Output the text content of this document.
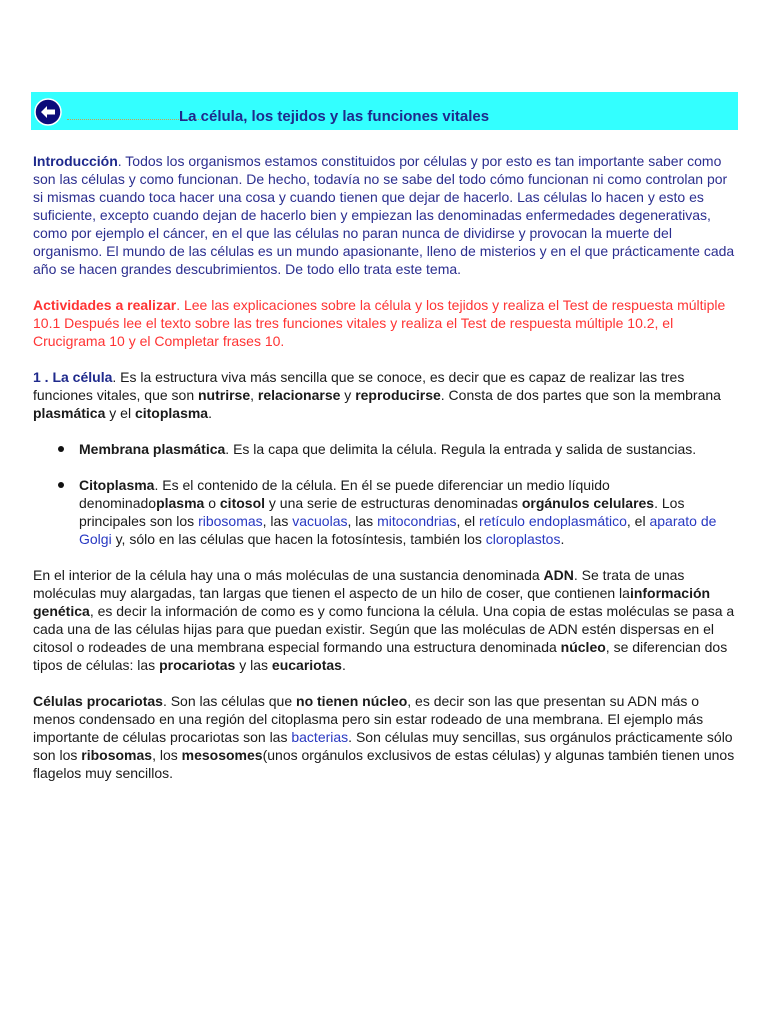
La célula, los tejidos y las funciones vitales

Introducción. Todos los organismos estamos constituidos por células y por esto es tan importante saber como son las células y como funcionan. De hecho, todavía no se sabe del todo cómo funcionan ni como controlan por si mismas cuando toca hacer una cosa y cuando tienen que dejar de hacerlo. Las células lo hacen y esto es suficiente, excepto cuando dejan de hacerlo bien y empiezan las denominadas enfermedades degenerativas, como por ejemplo el cáncer, en el que las células no paran nunca de dividirse y provocan la muerte del organismo. El mundo de las células es un mundo apasionante, lleno de misterios y en el que prácticamente cada año se hacen grandes descubrimientos. De todo ello trata este tema.

Actividades a realizar. Lee las explicaciones sobre la célula y los tejidos y realiza el Test de respuesta múltiple 10.1 Después lee el texto sobre las tres funciones vitales y realiza el Test de respuesta múltiple 10.2, el Crucigrama 10 y el Completar frases 10.

1 . La célula. Es la estructura viva más sencilla que se conoce, es decir que es capaz de realizar las tres funciones vitales, que son nutrirse, relacionarse y reproducirse. Consta de dos partes que son la membrana plasmática y el citoplasma.

Membrana plasmática. Es la capa que delimita la célula. Regula la entrada y salida de sustancias.
Citoplasma. Es el contenido de la célula. En él se puede diferenciar un medio líquido denominadoplasma o citosol y una serie de estructuras denominadas orgánulos celulares. Los principales son los ribosomas, las vacuolas, las mitocondrias, el retículo endoplasmático, el aparato de Golgi y, sólo en las células que hacen la fotosíntesis, también los cloroplastos.

En el interior de la célula hay una o más moléculas de una sustancia denominada ADN. Se trata de unas moléculas muy alargadas, tan largas que tienen el aspecto de un hilo de coser, que contienen lainformación genética, es decir la información de como es y como funciona la célula. Una copia de estas moléculas se pasa a cada una de las células hijas para que puedan existir. Según que las moléculas de ADN estén dispersas en el citosol o rodeades de una membrana especial formando una estructura denominada núcleo, se diferencian dos tipos de células: las procariotas y las eucariotas.

Células procariotas. Son las células que no tienen núcleo, es decir son las que presentan su ADN más o menos condensado en una región del citoplasma pero sin estar rodeado de una membrana. El ejemplo más importante de células procariotas son las bacterias. Son células muy sencillas, sus orgánulos prácticamente sólo son los ribosomas, los mesosomes(unos orgánulos exclusivos de estas células) y algunas también tienen unos flagelos muy sencillos.
